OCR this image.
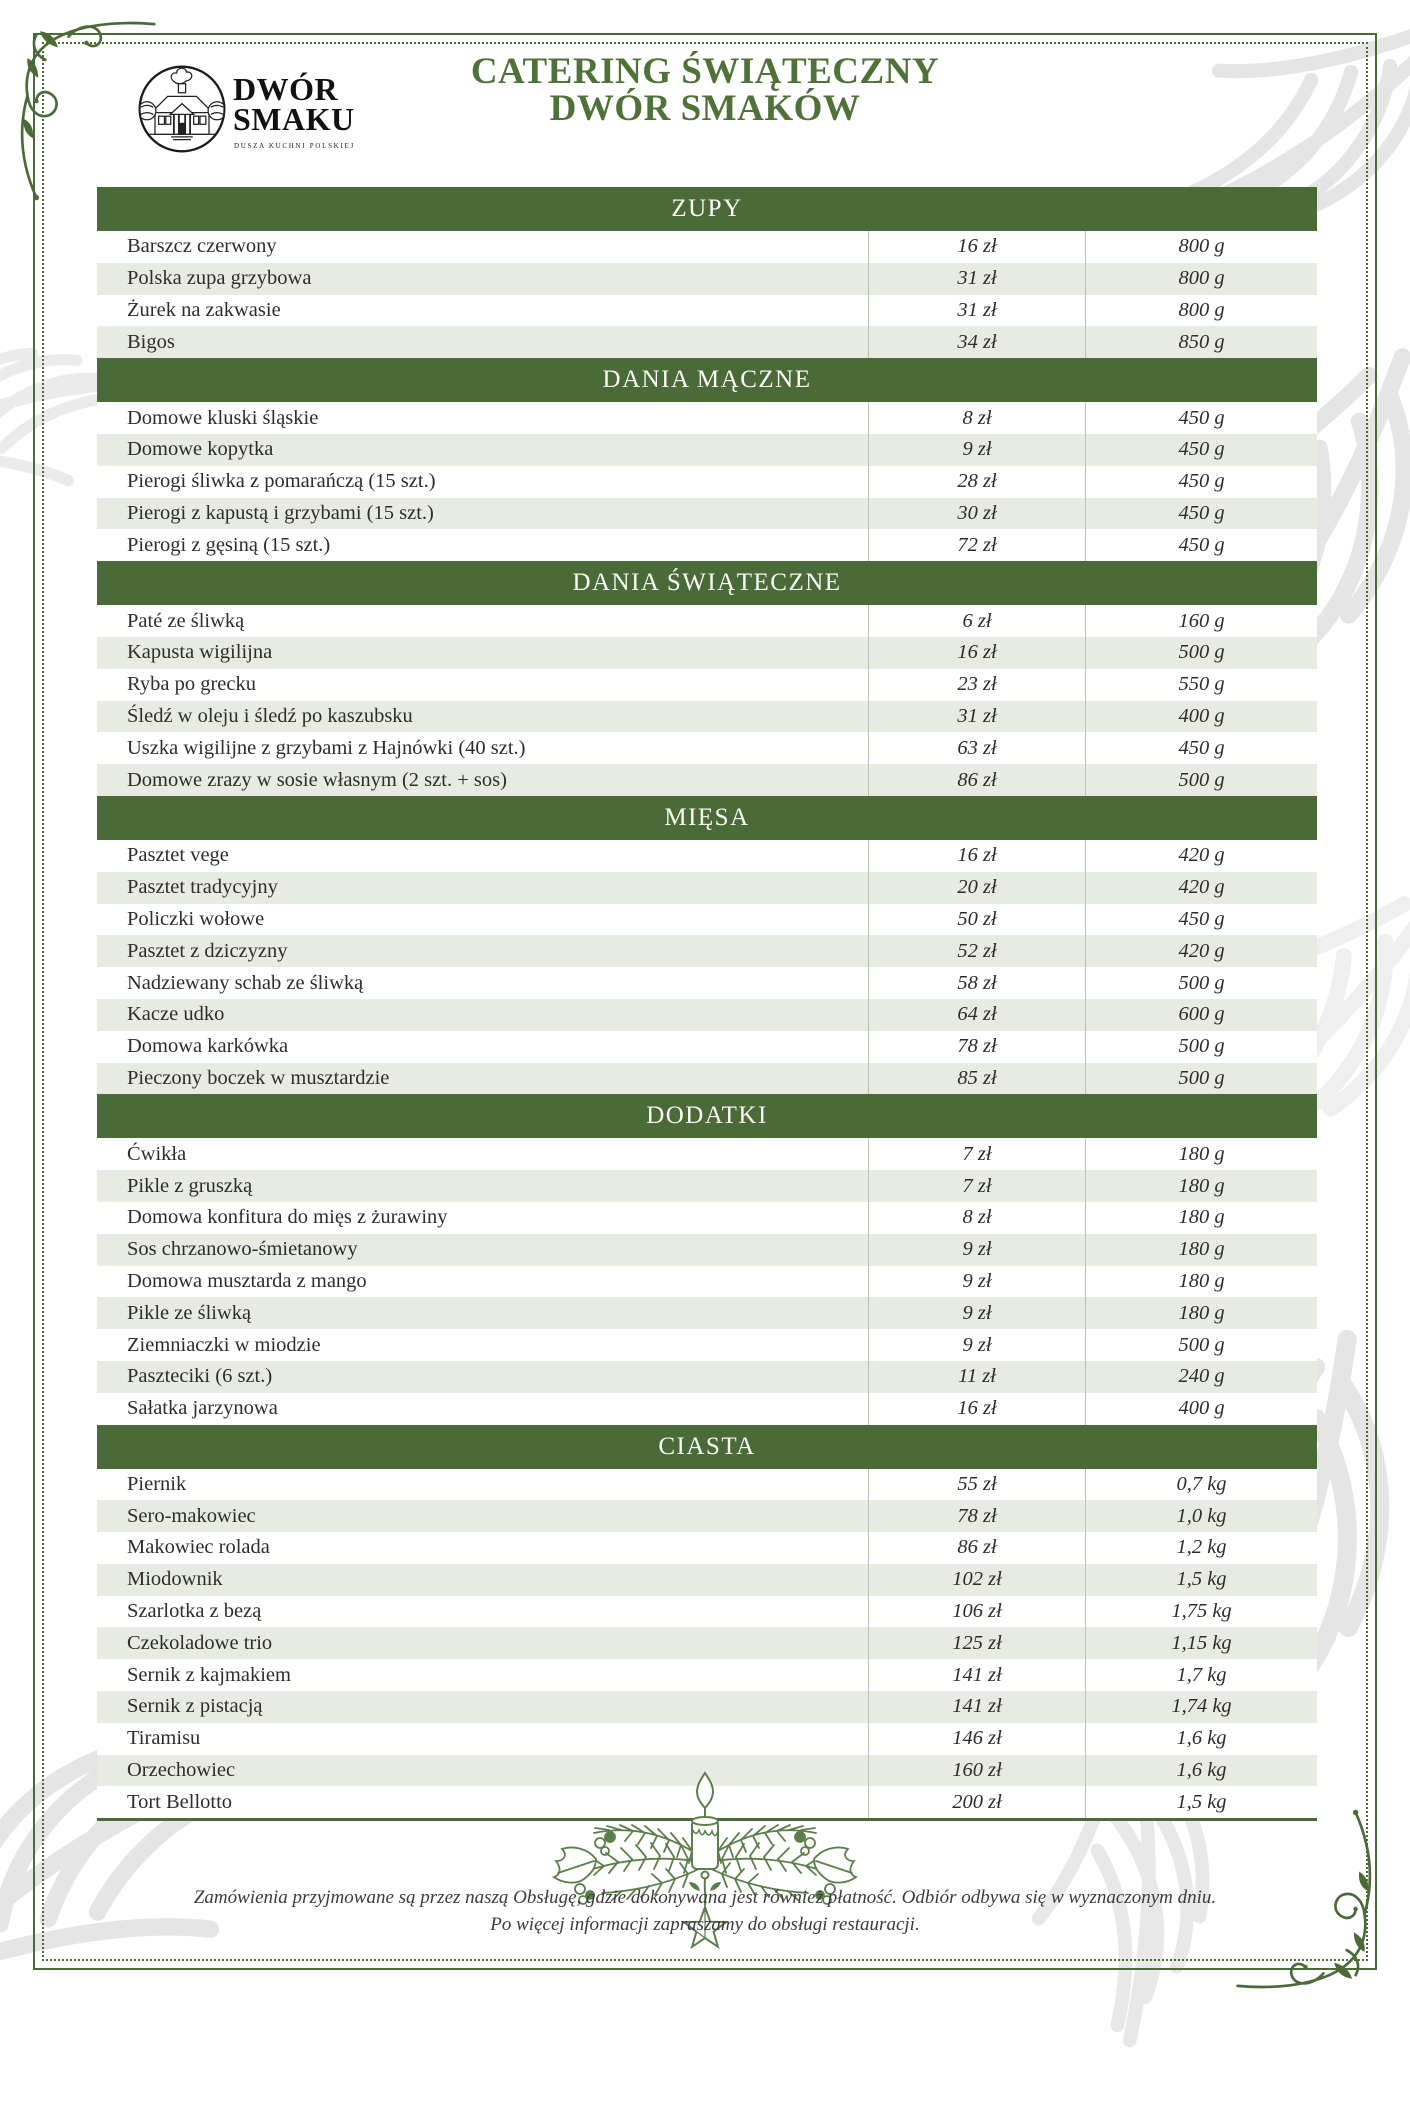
DWÓR
SMAKU
DUSZA KUCHNI POLSKIEJ
CATERING ŚWIĄTECZNY
DWÓR SMAKÓW
ZUPY
Barszcz czerwony	16 zł	800 g
Polska zupa grzybowa	31 zł	800 g
Żurek na zakwasie	31 zł	800 g
Bigos	34 zł	850 g
DANIA MĄCZNE
Domowe kluski śląskie	8 zł	450 g
Domowe kopytka	9 zł	450 g
Pierogi śliwka z pomarańczą (15 szt.)	28 zł	450 g
Pierogi z kapustą i grzybami (15 szt.)	30 zł	450 g
Pierogi z gęsiną (15 szt.)	72 zł	450 g
DANIA ŚWIĄTECZNE
Paté ze śliwką	6 zł	160 g
Kapusta wigilijna	16 zł	500 g
Ryba po grecku	23 zł	550 g
Śledź w oleju i śledź po kaszubsku	31 zł	400 g
Uszka wigilijne z grzybami z Hajnówki (40 szt.)	63 zł	450 g
Domowe zrazy w sosie własnym (2 szt. + sos)	86 zł	500 g
MIĘSA
Pasztet vege	16 zł	420 g
Pasztet tradycyjny	20 zł	420 g
Policzki wołowe	50 zł	450 g
Pasztet z dziczyzny	52 zł	420 g
Nadziewany schab ze śliwką	58 zł	500 g
Kacze udko	64 zł	600 g
Domowa karkówka	78 zł	500 g
Pieczony boczek w musztardzie	85 zł	500 g
DODATKI
Ćwikła	7 zł	180 g
Pikle z gruszką	7 zł	180 g
Domowa konfitura do mięs z żurawiny	8 zł	180 g
Sos chrzanowo-śmietanowy	9 zł	180 g
Domowa musztarda z mango	9 zł	180 g
Pikle ze śliwką	9 zł	180 g
Ziemniaczki w miodzie	9 zł	500 g
Paszteciki (6 szt.)	11 zł	240 g
Sałatka jarzynowa	16 zł	400 g
CIASTA
Piernik	55 zł	0,7 kg
Sero-makowiec	78 zł	1,0 kg
Makowiec rolada	86 zł	1,2 kg
Miodownik	102 zł	1,5 kg
Szarlotka z bezą	106 zł	1,75 kg
Czekoladowe trio	125 zł	1,15 kg
Sernik z kajmakiem	141 zł	1,7 kg
Sernik z pistacją	141 zł	1,74 kg
Tiramisu	146 zł	1,6 kg
Orzechowiec	160 zł	1,6 kg
Tort Bellotto	200 zł	1,5 kg
Zamówienia przyjmowane są przez naszą Obsługę, gdzie dokonywana jest również płatność. Odbiór odbywa się w wyznaczonym dniu.
Po więcej informacji zapraszamy do obsługi restauracji.
